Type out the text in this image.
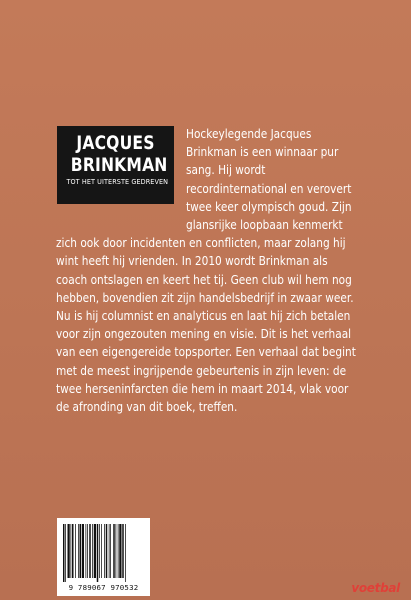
JACQUES
BRINKMAN
TOT HET UITERSTE GEDREVEN

Hockeylegende Jacques
Brinkman is een winnaar pur
sang. Hij wordt
recordinternational en verovert
twee keer olympisch goud. Zijn
glansrijke loopbaan kenmerkt
zich ook door incidenten en conflicten, maar zolang hij
wint heeft hij vrienden. In 2010 wordt Brinkman als
coach ontslagen en keert het tij. Geen club wil hem nog
hebben, bovendien zit zijn handelsbedrijf in zwaar weer.
Nu is hij columnist en analyticus en laat hij zich betalen
voor zijn ongezouten mening en visie. Dit is het verhaal
van een eigengereide topsporter. Een verhaal dat begint
met de meest ingrijpende gebeurtenis in zijn leven: de
twee herseninfarcten die hem in maart 2014, vlak voor
de afronding van dit boek, treffen.

9 789067 970532	voetbal
